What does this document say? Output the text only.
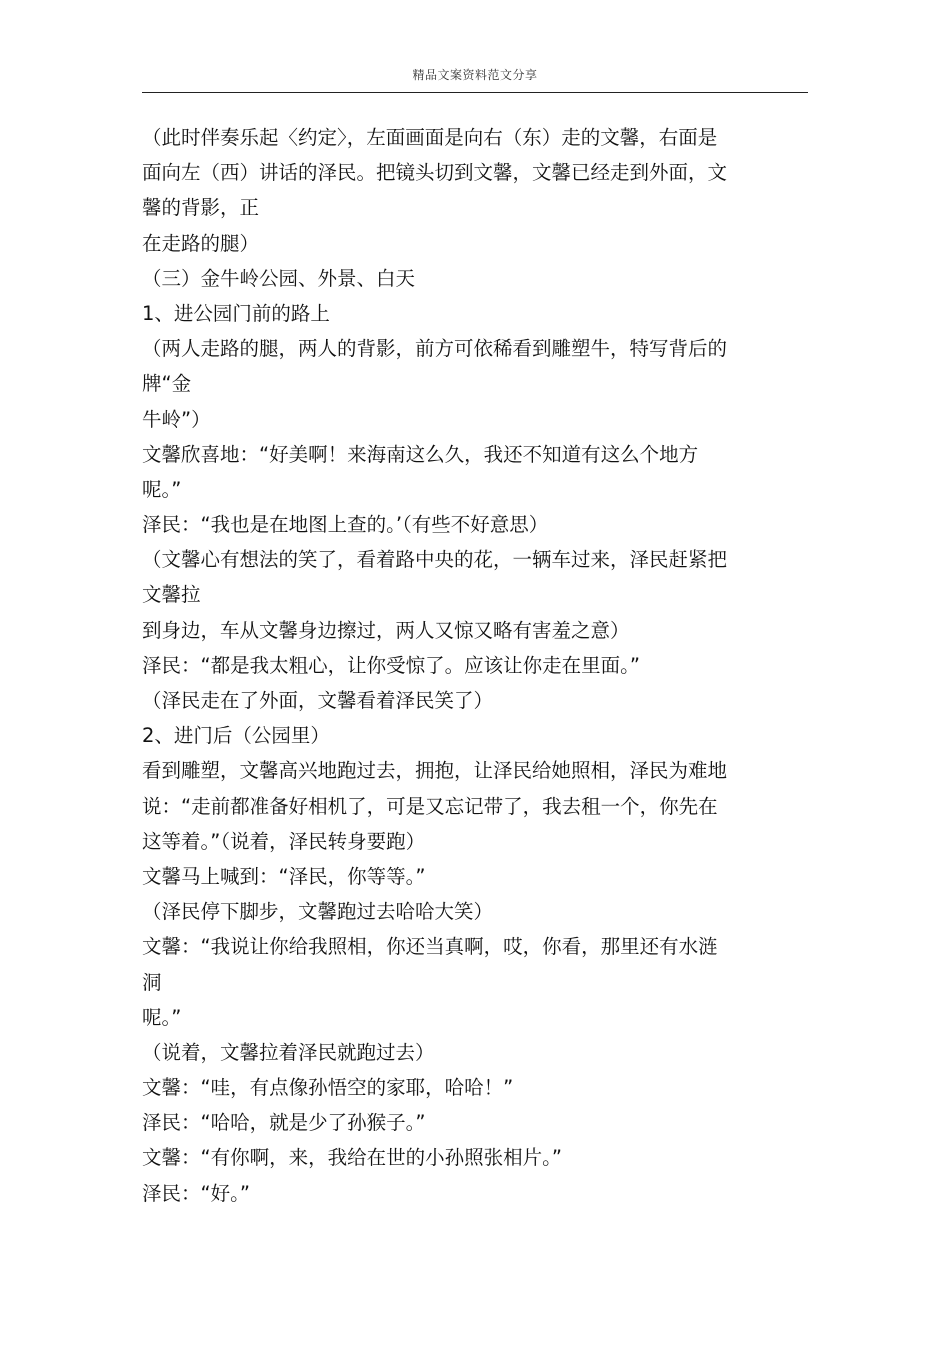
精品文案资料范文分享
（此时伴奏乐起〈约定〉，左面画面是向右（东）走的文馨，右面是
面向左（西）讲话的泽民。把镜头切到文馨，文馨已经走到外面，文
馨的背影，正
在走路的腿）
（三）金牛岭公园、外景、白天
1、进公园门前的路上
（两人走路的腿，两人的背影，前方可依稀看到雕塑牛，特写背后的
牌“金
牛岭”）
文馨欣喜地：“好美啊！来海南这么久，我还不知道有这么个地方
呢。”
泽民：“我也是在地图上查的。’（有些不好意思）
（文馨心有想法的笑了，看着路中央的花，一辆车过来，泽民赶紧把
文馨拉
到身边，车从文馨身边擦过，两人又惊又略有害羞之意）
泽民：“都是我太粗心，让你受惊了。应该让你走在里面。”
（泽民走在了外面，文馨看着泽民笑了）
2、进门后（公园里）
看到雕塑，文馨高兴地跑过去，拥抱，让泽民给她照相，泽民为难地
说：“走前都准备好相机了，可是又忘记带了，我去租一个，你先在
这等着。”（说着，泽民转身要跑）
文馨马上喊到：“泽民，你等等。”
（泽民停下脚步，文馨跑过去哈哈大笑）
文馨：“我说让你给我照相，你还当真啊，哎，你看，那里还有水涟
洞
呢。”
（说着，文馨拉着泽民就跑过去）
文馨：“哇，有点像孙悟空的家耶，哈哈！”
泽民：“哈哈，就是少了孙猴子。”
文馨：“有你啊，来，我给在世的小孙照张相片。”
泽民：“好。”
